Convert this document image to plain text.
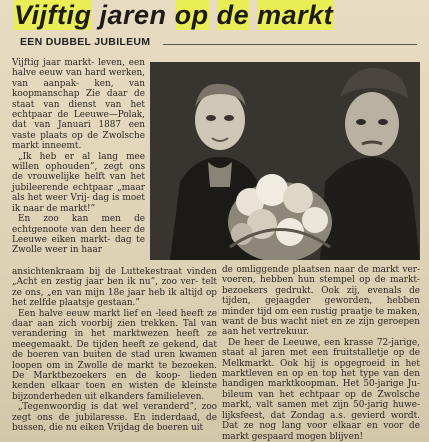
Vijftig jaren op de markt
EEN DUBBEL JUBILEUM

Vijftig jaar markt- leven, een halve eeuw van hard werken, van aanpak- ken, van koopmanschap Zie daar de staat van dienst van het echtpaar de Leeuwe—Polak, dat van Januari 1887 een vaste plaats op de Zwolsche markt inneemt.

„Ik heb er al lang mee willen ophouden”, zegt ons de vrouwelijke helft van het jubileerende echtpaar „maar als het weer Vrij- dag is moet ik naar de markt!”

En zoo kan men de echtgenoote van den heer de Leeuwe eiken markt- dag te Zwolle weer in haar

ansichtenkraam bij de Luttekestraat vinden „Acht en zestig jaar ben ik nu”, zoo ver- telt ze ons, „en van mijn 18e jaar heb ik altijd op het zelfde plaatsje gestaan.”

Een halve eeuw markt lief en -leed heeft ze daar aan zich voorbij zien trekken. Tal van verandering in het marktwezen heeft ze meegemaakt. De tijden heeft ze gekend, dat de boeren van buiten de stad uren kwamen loopen om in Zwolle de markt te bezoeken. De Marktbezoekers en de koop- lieden kenden elkaar toen en wisten de kleinste bijzonderheden uit elkanders familieleven.

„Tegenwoordig is dat wel veranderd”, zoo zegt ons de jubilaresse. En inderdaad, de bussen, die nu eiken Vrijdag de boeren uit

de omliggende plaatsen naar de markt ver- voeren, hebben hun stempel op de markt- bezoekers gedrukt. Ook zij, evenals de tijden, gejaagder geworden, hebben minder tijd om een rustig praatje te maken, want de bus wacht niet en ze zijn geroepen aan het vertrekuur.

De heer de Leeuwe, een krasse 72-jarige, staat al jaren met een fruitstalletje op de Melkmarkt. Ook hij is opgegroeid in het marktleven en op en top het type van den handigen marktkoopman. Het 50-jarige Ju- bileum van het echtpaar op de Zwolsche markt, valt samen met zijn 50-jarig huwe- lijksfeest, dat Zondag a.s. gevierd wordt. Dat ze nog lang voor elkaar en voor de markt gespaard mogen blijven!
